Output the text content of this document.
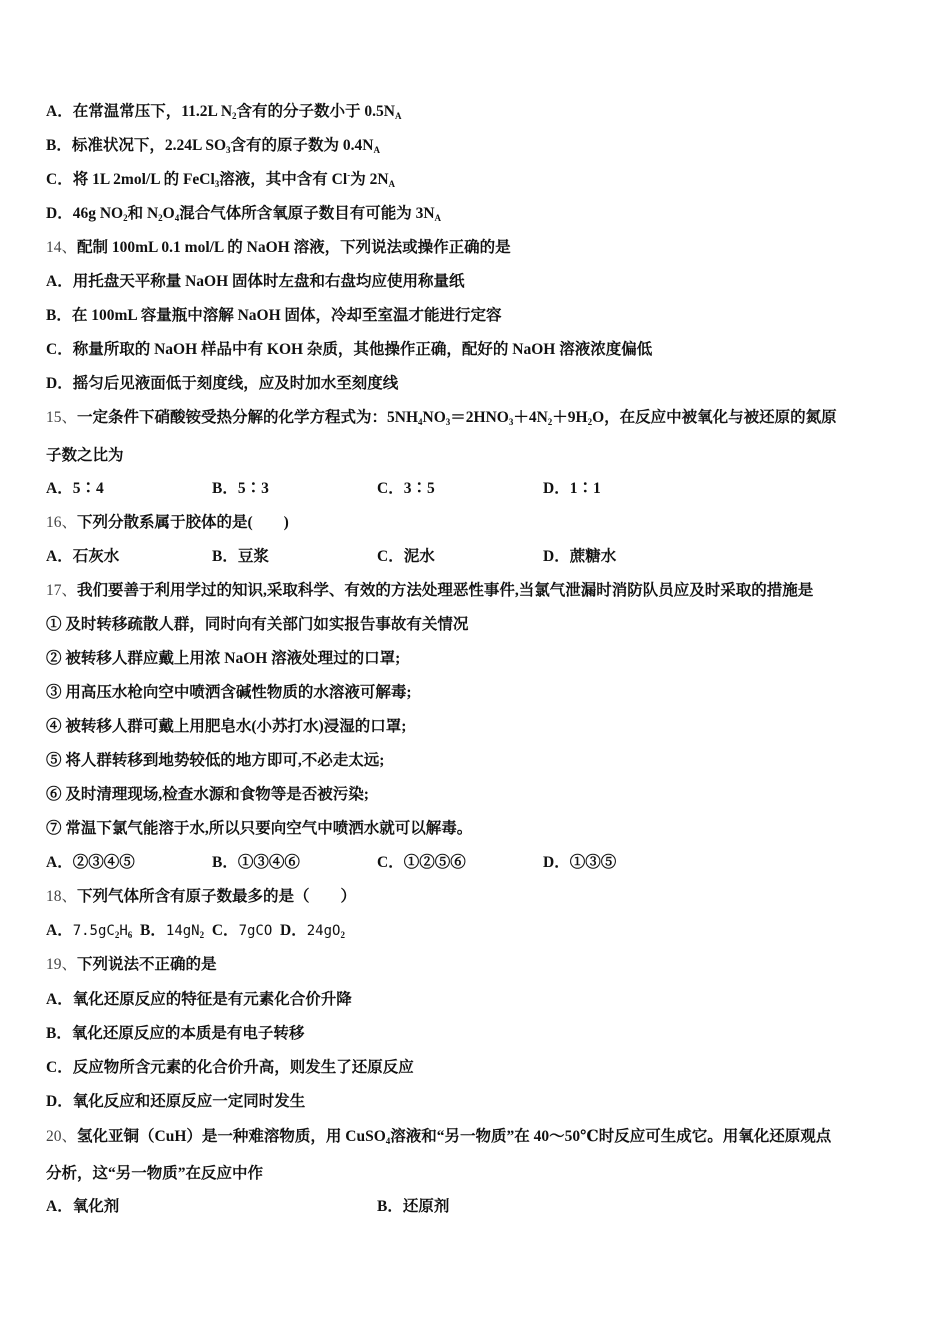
A．在常温常压下，11.2L $N_2$含有的分子数小于 $0.5N_A$
B．标准状况下，2.24L $SO_3$含有的原子数为 $0.4N_A$
C．将 1L 2mol/L 的 FeCl$_3$溶液，其中含有 Cl-为 $2N_A$
D．46g $NO_2$和 $N_2O_4$混合气体所含氧原子数目有可能为 $3N_A$
14、配制 100mL 0.1 mol/L 的 NaOH 溶液，下列说法或操作正确的是
A．用托盘天平称量 NaOH 固体时左盘和右盘均应使用称量纸
B．在 100mL 容量瓶中溶解 NaOH 固体，冷却至室温才能进行定容
C．称量所取的 NaOH 样品中有 KOH 杂质，其他操作正确，配好的 NaOH 溶液浓度偏低
D．摇匀后见液面低于刻度线，应及时加水至刻度线
15、一定条件下硝酸铵受热分解的化学方程式为：$5NH_4NO_3=2HNO_3+4N_2+9H_2O$，在反应中被氧化与被还原的氮原
子数之比为
A．5∶4	B．5∶3	C．3∶5	D．1∶1
16、下列分散系属于胶体的是(　　)
A．石灰水	B．豆浆	C．泥水	D．蔗糖水
17、我们要善于利用学过的知识,采取科学、有效的方法处理恶性事件,当氯气泄漏时消防队员应及时采取的措施是
① 及时转移疏散人群，同时向有关部门如实报告事故有关情况
② 被转移人群应戴上用浓 NaOH 溶液处理过的口罩;
③ 用高压水枪向空中喷洒含碱性物质的水溶液可解毒;
④ 被转移人群可戴上用肥皂水(小苏打水)浸湿的口罩;
⑤ 将人群转移到地势较低的地方即可,不必走太远;
⑥ 及时清理现场,检查水源和食物等是否被污染;
⑦ 常温下氯气能溶于水,所以只要向空气中喷洒水就可以解毒。
A．②③④⑤	B．①③④⑥	C．①②⑤⑥	D．①③⑤
18、下列气体所含有原子数最多的是（　　）
A．$7.5gC_2H_6$ B．$14gN_2$ C．7gCO D．$24gO_2$
19、下列说法不正确的是
A．氧化还原反应的特征是有元素化合价升降
B．氧化还原反应的本质是有电子转移
C．反应物所含元素的化合价升高，则发生了还原反应
D．氧化反应和还原反应一定同时发生
20、氢化亚铜（CuH）是一种难溶物质，用 CuSO$_4$溶液和“另一物质”在 40～50℃时反应可生成它。用氧化还原观点
分析，这“另一物质”在反应中作
A．氧化剂	B．还原剂
